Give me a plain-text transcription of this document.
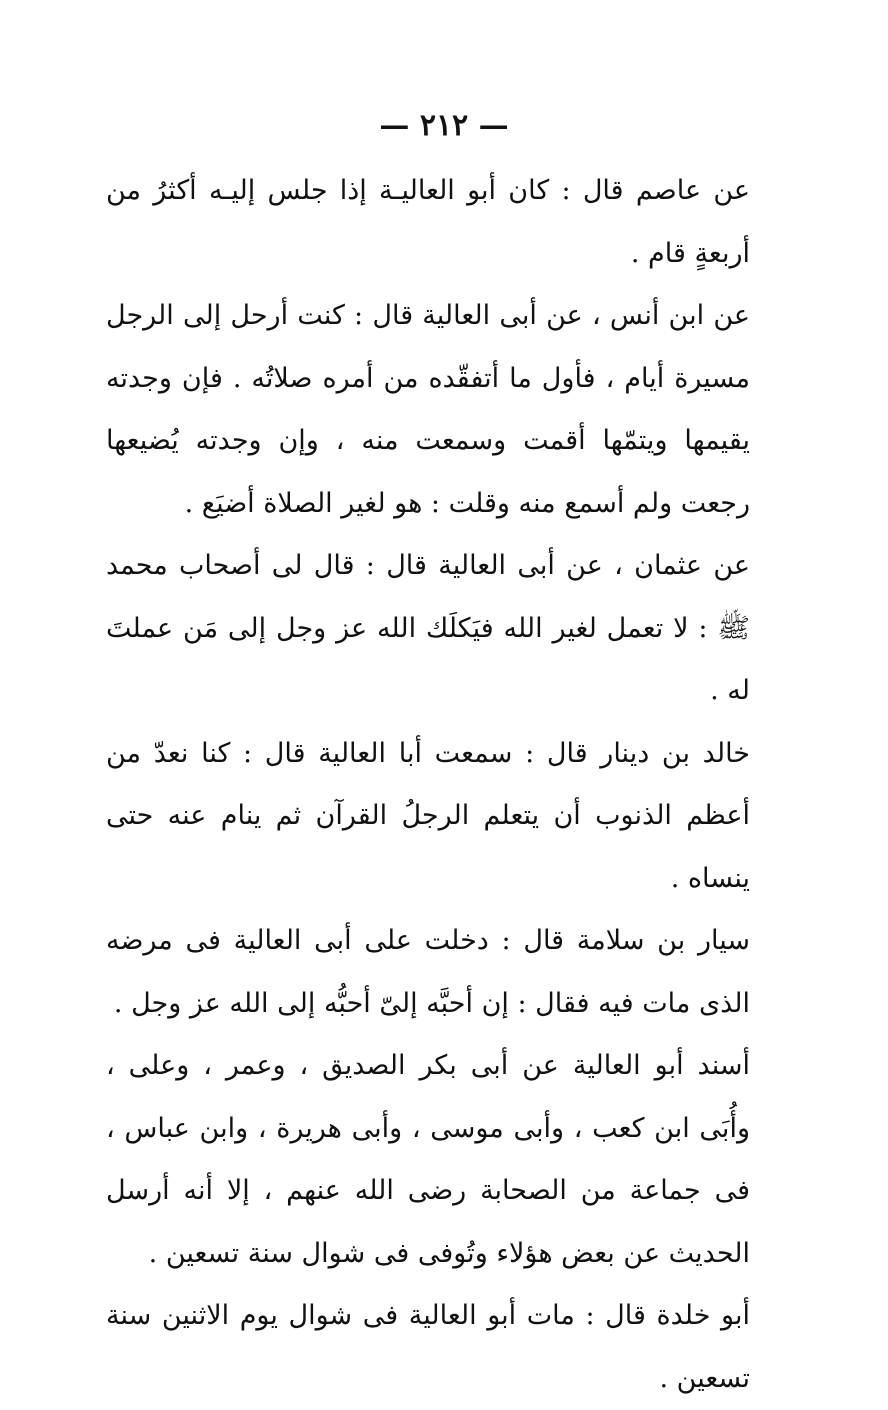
— ٢١٢ —

عن عاصم قال : كان أبو العاليـة إذا جلس إليـه أكثرُ من أربعةٍ قام .

عن ابن أنس ، عن أبى العالية قال : كنت أرحل إلى الرجل مسيرة أيام ، فأول ما أتفقّده من أمره صلاتُه . فإن وجدته يقيمها ويتمّها أقمت وسمعت منه ، وإن وجدته يُضيعها رجعت ولم أسمع منه وقلت : هو لغير الصلاة أضيَع .

عن عثمان ، عن أبى العالية قال : قال لى أصحاب محمد ﷺ : لا تعمل لغير الله فيَكلَك الله عز وجل إلى مَن عملتَ له .

خالد بن دينار قال : سمعت أبا العالية قال : كنا نعدّ من أعظم الذنوب أن يتعلم الرجلُ القرآن ثم ينام عنه حتى ينساه .

سيار بن سلامة قال : دخلت على أبى العالية فى مرضه الذى مات فيه فقال : إن أحبَّه إلىّ أحبُّه إلى الله عز وجل .

أسند أبو العالية عن أبى بكر الصديق ، وعمر ، وعلى ، وأُبَى ابن كعب ، وأبى موسى ، وأبى هريرة ، وابن عباس ، فى جماعة من الصحابة رضى الله عنهم ، إلا أنه أرسل الحديث عن بعض هؤلاء وتُوفى فى شوال سنة تسعين .

أبو خلدة قال : مات أبو العالية فى شوال يوم الاثنين سنة تسعين .
